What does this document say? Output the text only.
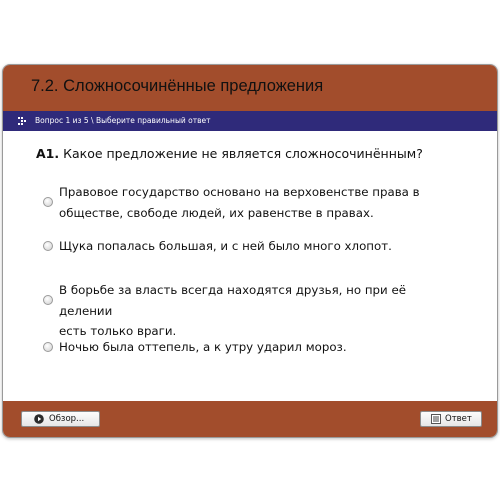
7.2. Сложносочинённые предложения
Вопрос 1 из 5 \ Выберите правильный ответ
А1. Какое предложение не является сложносочинённым?
Правовое государство основано на верховенстве права в
обществе, свободе людей, их равенстве в правах.
Щука попалась большая, и с ней было много хлопот.
В борьбе за власть всегда находятся друзья, но при её делении
есть только враги.
Ночью была оттепель, а к утру ударил мороз.
Обзор...	Ответ
